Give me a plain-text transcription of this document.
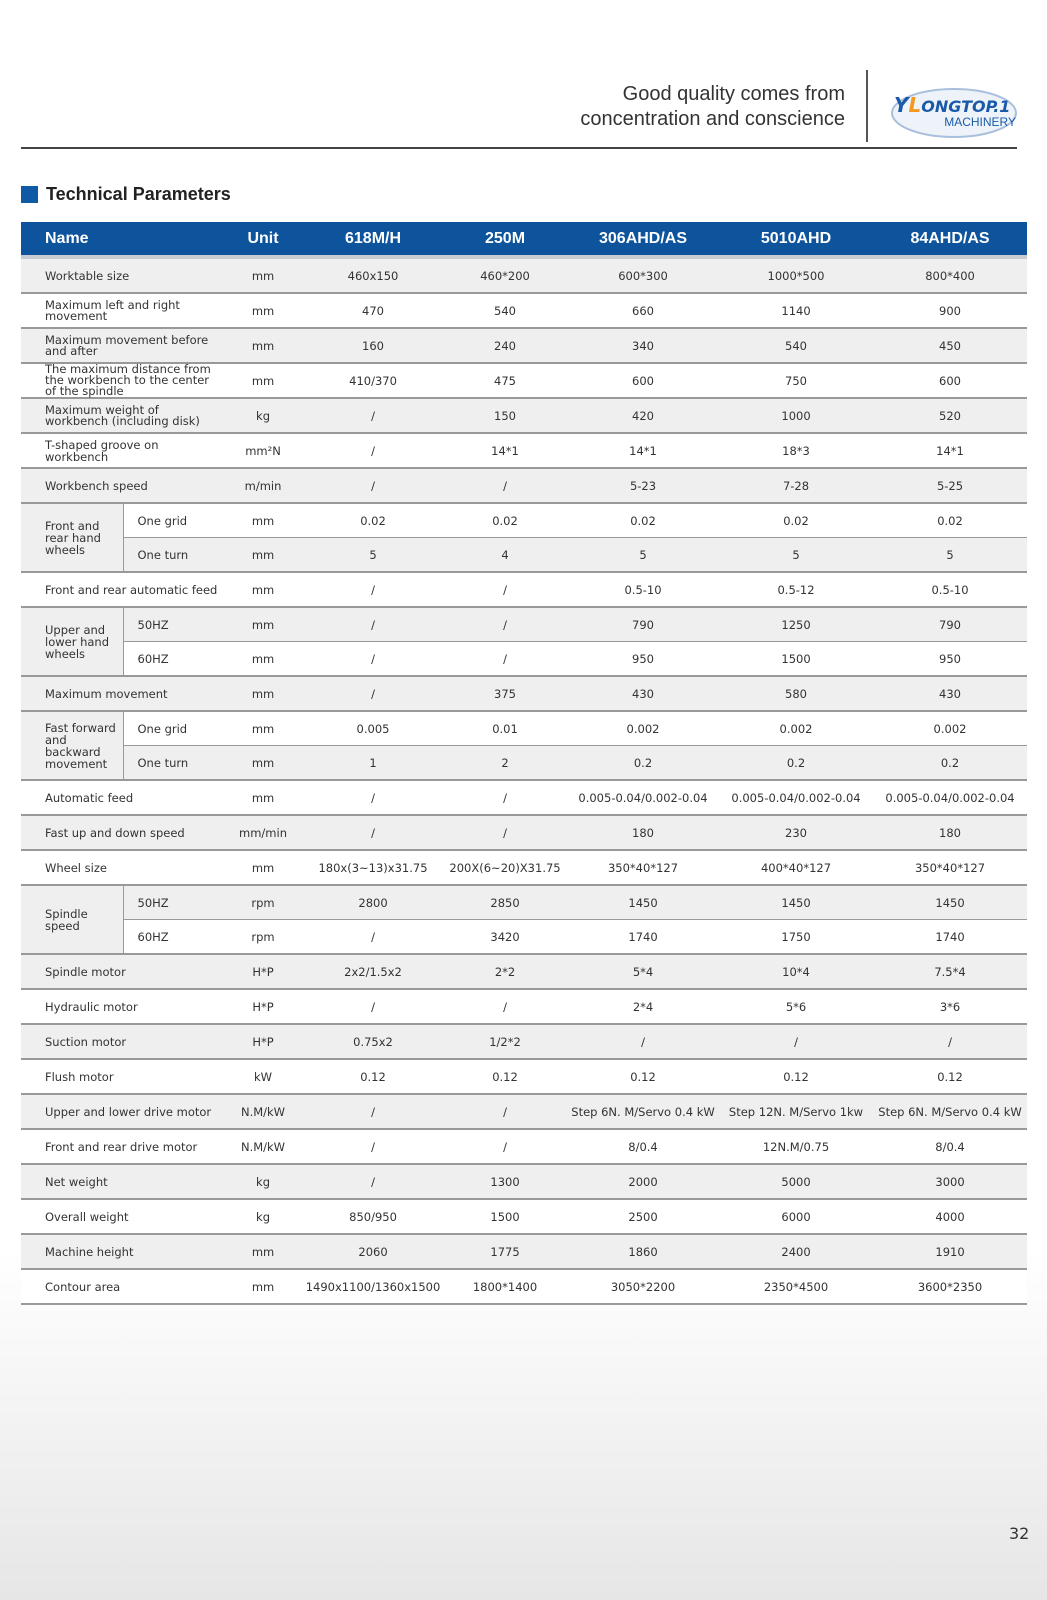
Good quality comes from
concentration and conscience
YLONGTOP.1
MACHINERY
Technical Parameters
Name		Unit	618M/H	250M	306AHD/AS	5010AHD	84AHD/AS
Worktable size		mm	460x150	460*200	600*300	1000*500	800*400

Maximum left and right movement		mm	470	540	660	1140	900

Maximum movement before and after		mm	160	240	340	540	450

The maximum distance from the workbench to the center of the spindle		mm	410/370	475	600	750	600

Maximum weight of workbench (including disk)		kg	/	150	420	1000	520
T-shaped groove on workbench		mm²N	/	14*1	14*1	18*3	14*1
Workbench speed		m/min	/	/	5-23	7-28	5-25
Front and rear hand wheels	One grid	mm	0.02	0.02	0.02	0.02	0.02
	One turn	mm	5	4	5	5	5
Front and rear automatic feed		mm	/	/	0.5-10	0.5-12	0.5-10
Upper and lower hand wheels	50HZ	mm	/	/	790	1250	790
	60HZ	mm	/	/	950	1500	950
Maximum movement		mm	/	375	430	580	430
Fast forward and backward movement	One grid	mm	0.005	0.01	0.002	0.002	0.002
	One turn	mm	1	2	0.2	0.2	0.2
Automatic feed		mm	/	/	0.005-0.04/0.002-0.04	0.005-0.04/0.002-0.04	0.005-0.04/0.002-0.04
Fast up and down speed		mm/min	/	/	180	230	180
Wheel size		mm	180x(3~13)x31.75	200X(6~20)X31.75	350*40*127	400*40*127	350*40*127
Spindle speed	50HZ	rpm	2800	2850	1450	1450	1450
	60HZ	rpm	/	3420	1740	1750	1740
Spindle motor		H*P	2x2/1.5x2	2*2	5*4	10*4	7.5*4
Hydraulic motor		H*P	/	/	2*4	5*6	3*6
Suction motor		H*P	0.75x2	1/2*2	/	/	/
Flush motor		kW	0.12	0.12	0.12	0.12	0.12
Upper and lower drive motor		N.M/kW	/	/	Step 6N. M/Servo 0.4 kW	Step 12N. M/Servo 1kw	Step 6N. M/Servo 0.4 kW
Front and rear drive motor		N.M/kW	/	/	8/0.4	12N.M/0.75	8/0.4
Net weight		kg	/	1300	2000	5000	3000
Overall weight		kg	850/950	1500	2500	6000	4000
Machine height		mm	2060	1775	1860	2400	1910
Contour area		mm	1490x1100/1360x1500	1800*1400	3050*2200	2350*4500	3600*2350
32
